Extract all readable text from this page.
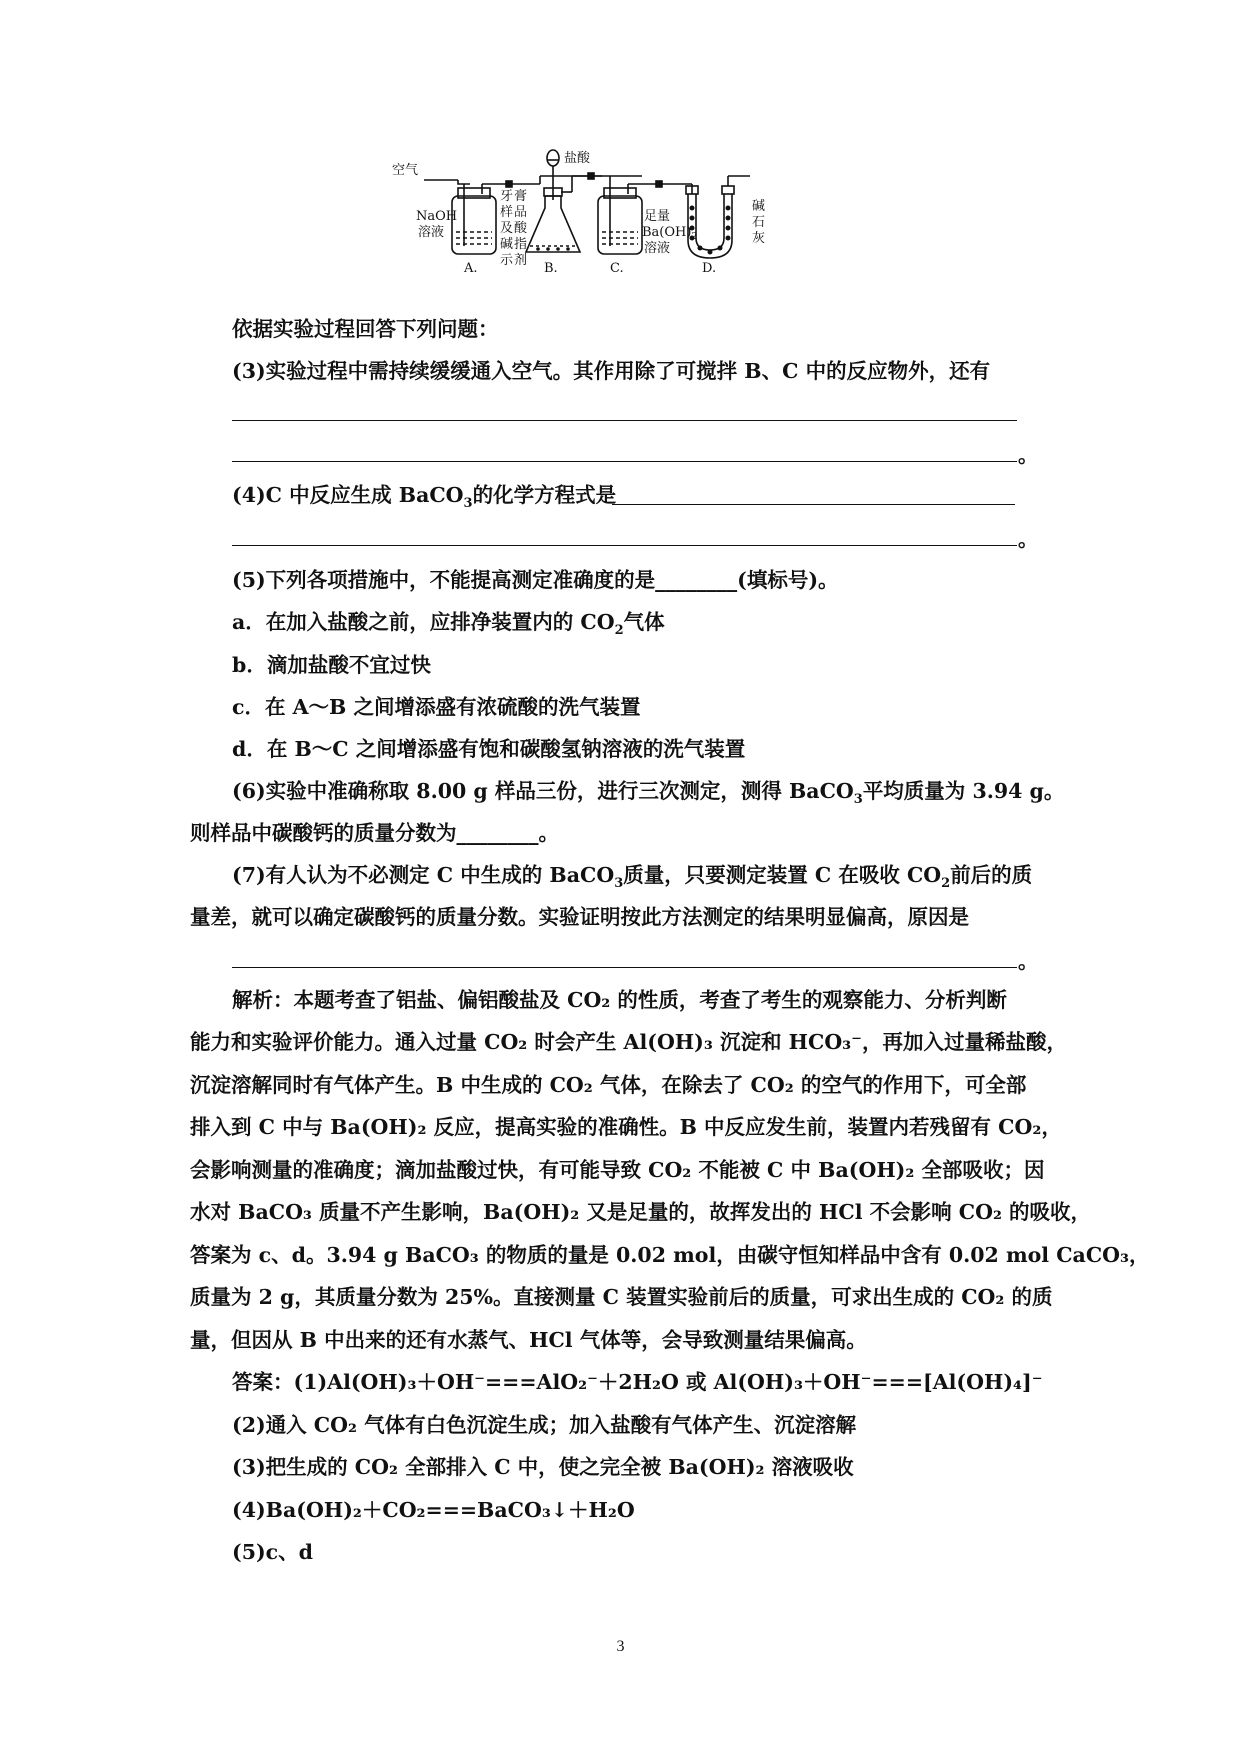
空气
盐酸
NaOH
溶液
牙 膏
样 品
及 酸
碱 指
示 剂
足量
$Ba(OH)_2$
溶液
碱
石
灰
A.	B.	C.	D.
依据实验过程回答下列问题：
(3)实验过程中需持续缓缓通入空气。其作用除了可搅拌 B、C 中的反应物外，还有
。
(4)C 中反应生成 BaCO$_3$的化学方程式是
。
(5)下列各项措施中，不能提高测定准确度的是________(填标号)。
a．在加入盐酸之前，应排净装置内的 $CO_2$气体
b．滴加盐酸不宜过快
c．在 A～B 之间增添盛有浓硫酸的洗气装置
d．在 B～C 之间增添盛有饱和碳酸氢钠溶液的洗气装置
(6)实验中准确称取 8.00 g 样品三份，进行三次测定，测得 BaCO$_3$平均质量为 3.94 g。
则样品中碳酸钙的质量分数为________。
(7)有人认为不必测定 C 中生成的 BaCO$_3$质量，只要测定装置 C 在吸收 $CO_2$前后的质
量差，就可以确定碳酸钙的质量分数。实验证明按此方法测定的结果明显偏高，原因是
。
解析：本题考查了铝盐、偏铝酸盐及 CO₂ 的性质，考查了考生的观察能力、分析判断
能力和实验评价能力。通入过量 CO₂ 时会产生 Al(OH)₃ 沉淀和 HCO₃⁻，再加入过量稀盐酸，
沉淀溶解同时有气体产生。B 中生成的 CO₂ 气体，在除去了 CO₂ 的空气的作用下，可全部
排入到 C 中与 Ba(OH)₂ 反应，提高实验的准确性。B 中反应发生前，装置内若残留有 CO₂，
会影响测量的准确度；滴加盐酸过快，有可能导致 CO₂ 不能被 C 中 Ba(OH)₂ 全部吸收；因
水对 BaCO₃ 质量不产生影响，Ba(OH)₂ 又是足量的，故挥发出的 HCl 不会影响 CO₂ 的吸收，
答案为 c、d。3.94 g BaCO₃ 的物质的量是 0.02 mol，由碳守恒知样品中含有 0.02 mol CaCO₃，
质量为 2 g，其质量分数为 25%。直接测量 C 装置实验前后的质量，可求出生成的 CO₂ 的质
量，但因从 B 中出来的还有水蒸气、HCl 气体等，会导致测量结果偏高。
答案：(1)Al(OH)₃＋OH⁻===AlO₂⁻＋2H₂O 或 Al(OH)₃＋OH⁻===[Al(OH)₄]⁻
(2)通入 CO₂ 气体有白色沉淀生成；加入盐酸有气体产生、沉淀溶解
(3)把生成的 CO₂ 全部排入 C 中，使之完全被 Ba(OH)₂ 溶液吸收
(4)Ba(OH)₂＋CO₂===BaCO₃↓＋H₂O
(5)c、d
3
